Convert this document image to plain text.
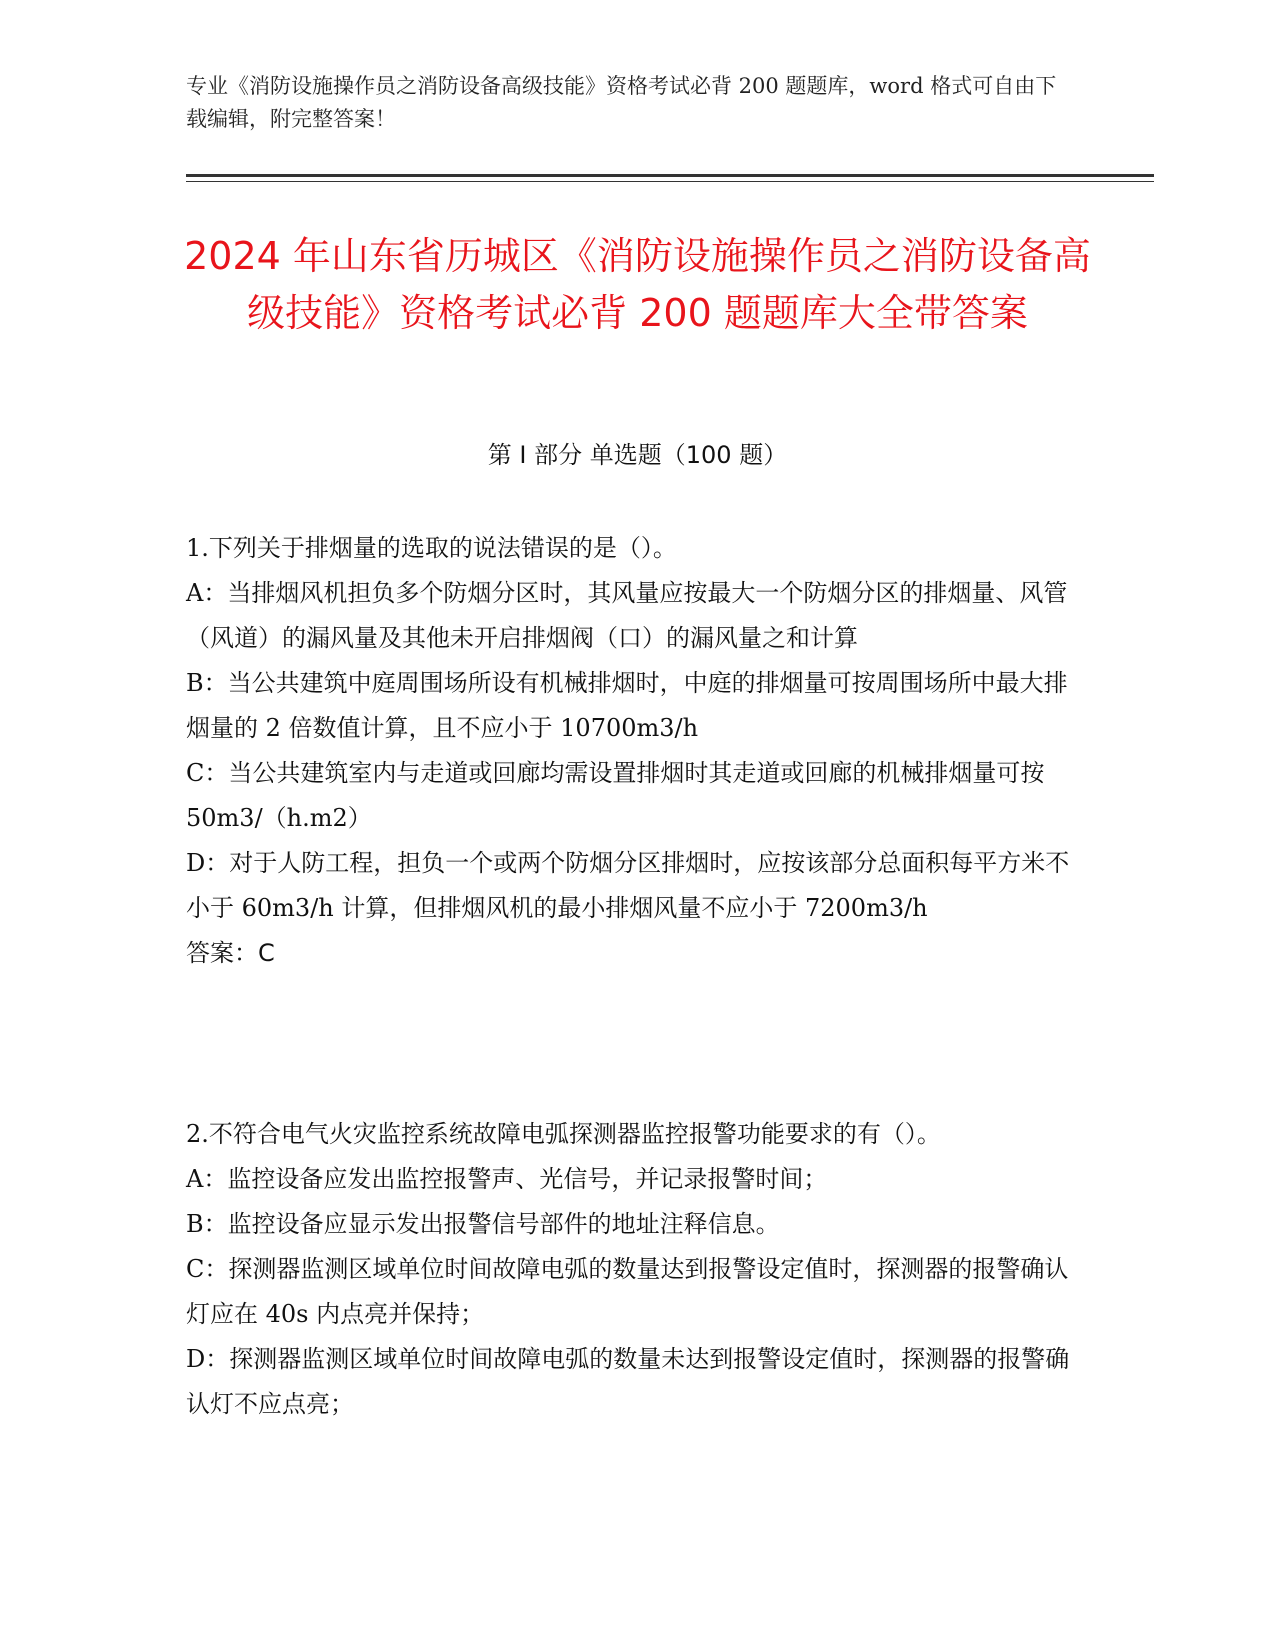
专业《消防设施操作员之消防设备高级技能》资格考试必背 200 题题库，word 格式可自由下载编辑，附完整答案！
2024 年山东省历城区《消防设施操作员之消防设备高级技能》资格考试必背 200 题题库大全带答案
第 I 部分 单选题（100 题）
1.下列关于排烟量的选取的说法错误的是（）。
A：当排烟风机担负多个防烟分区时，其风量应按最大一个防烟分区的排烟量、风管（风道）的漏风量及其他未开启排烟阀（口）的漏风量之和计算
B：当公共建筑中庭周围场所设有机械排烟时，中庭的排烟量可按周围场所中最大排烟量的 2 倍数值计算，且不应小于 10700m3/h
C：当公共建筑室内与走道或回廊均需设置排烟时其走道或回廊的机械排烟量可按 50m3/（h.m2）
D：对于人防工程，担负一个或两个防烟分区排烟时，应按该部分总面积每平方米不小于 60m3/h 计算，但排烟风机的最小排烟风量不应小于 7200m3/h
答案：C
2.不符合电气火灾监控系统故障电弧探测器监控报警功能要求的有（）。
A：监控设备应发出监控报警声、光信号，并记录报警时间；
B：监控设备应显示发出报警信号部件的地址注释信息。
C：探测器监测区域单位时间故障电弧的数量达到报警设定值时，探测器的报警确认灯应在 40s 内点亮并保持；
D：探测器监测区域单位时间故障电弧的数量未达到报警设定值时，探测器的报警确认灯不应点亮；
